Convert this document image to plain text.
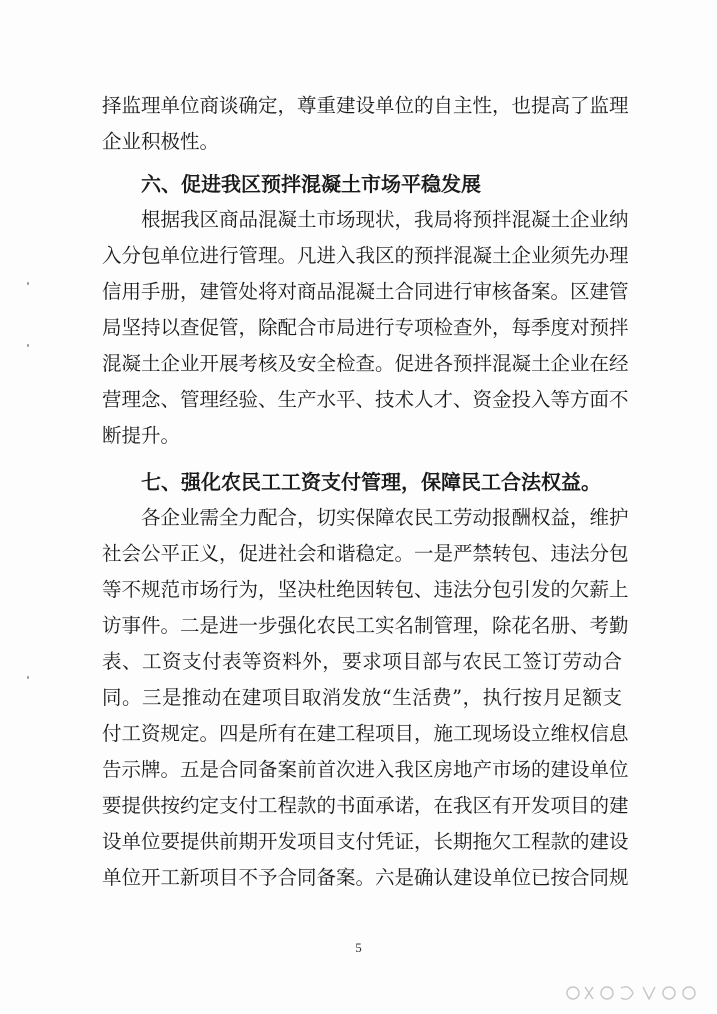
择监理单位商谈确定，尊重建设单位的自主性，也提高了监理
企业积极性。
六、促进我区预拌混凝土市场平稳发展
根据我区商品混凝土市场现状，我局将预拌混凝土企业纳
入分包单位进行管理。凡进入我区的预拌混凝土企业须先办理
信用手册，建管处将对商品混凝土合同进行审核备案。区建管
局坚持以查促管，除配合市局进行专项检查外，每季度对预拌
混凝土企业开展考核及安全检查。促进各预拌混凝土企业在经
营理念、管理经验、生产水平、技术人才、资金投入等方面不
断提升。
七、强化农民工工资支付管理，保障民工合法权益。
各企业需全力配合，切实保障农民工劳动报酬权益，维护
社会公平正义，促进社会和谐稳定。一是严禁转包、违法分包
等不规范市场行为，坚决杜绝因转包、违法分包引发的欠薪上
访事件。二是进一步强化农民工实名制管理，除花名册、考勤
表、工资支付表等资料外，要求项目部与农民工签订劳动合
同。三是推动在建项目取消发放“生活费”，执行按月足额支
付工资规定。四是所有在建工程项目，施工现场设立维权信息
告示牌。五是合同备案前首次进入我区房地产市场的建设单位
要提供按约定支付工程款的书面承诺，在我区有开发项目的建
设单位要提供前期开发项目支付凭证，长期拖欠工程款的建设
单位开工新项目不予合同备案。六是确认建设单位已按合同规
5
